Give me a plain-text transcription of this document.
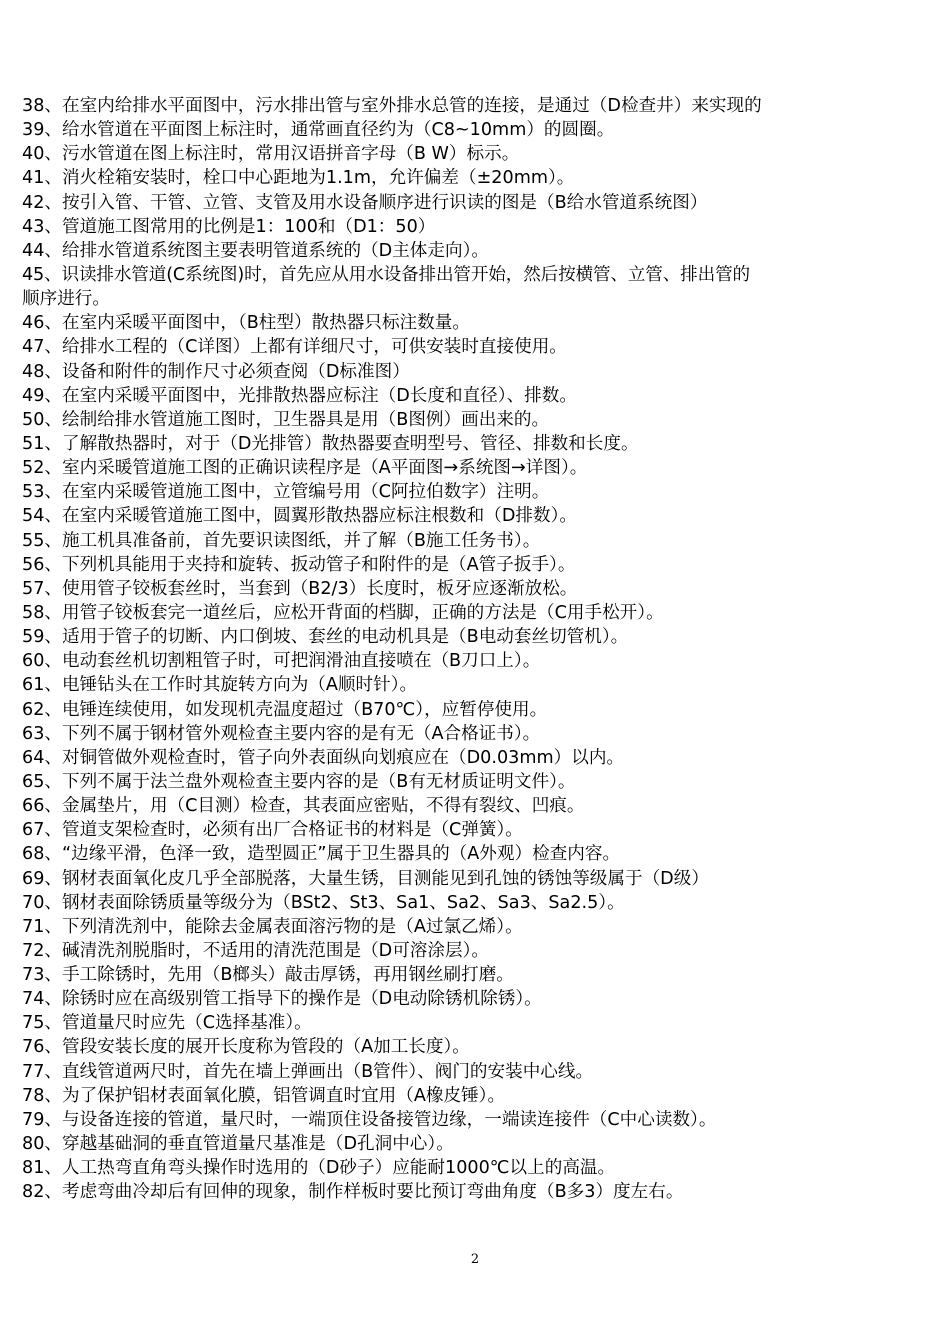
38、在室内给排水平面图中，污水排出管与室外排水总管的连接，是通过（D检查井）来实现的
39、给水管道在平面图上标注时，通常画直径约为（C8~10mm）的圆圈。
40、污水管道在图上标注时，常用汉语拼音字母（B W）标示。
41、消火栓箱安装时，栓口中心距地为1.1m，允许偏差（±20mm）。
42、按引入管、干管、立管、支管及用水设备顺序进行识读的图是（B给水管道系统图）
43、管道施工图常用的比例是1：100和（D1：50）
44、给排水管道系统图主要表明管道系统的（D主体走向）。
45、识读排水管道(C系统图)时，首先应从用水设备排出管开始，然后按横管、立管、排出管的
顺序进行。
46、在室内采暖平面图中，（B柱型）散热器只标注数量。
47、给排水工程的（C详图）上都有详细尺寸，可供安装时直接使用。
48、设备和附件的制作尺寸必须查阅（D标准图）
49、在室内采暖平面图中，光排散热器应标注（D长度和直径）、排数。
50、绘制给排水管道施工图时，卫生器具是用（B图例）画出来的。
51、了解散热器时，对于（D光排管）散热器要查明型号、管径、排数和长度。
52、室内采暖管道施工图的正确识读程序是（A平面图→系统图→详图）。
53、在室内采暖管道施工图中，立管编号用（C阿拉伯数字）注明。
54、在室内采暖管道施工图中，圆翼形散热器应标注根数和（D排数）。
55、施工机具准备前，首先要识读图纸，并了解（B施工任务书）。
56、下列机具能用于夹持和旋转、扳动管子和附件的是（A管子扳手）。
57、使用管子铰板套丝时，当套到（B2/3）长度时，板牙应逐渐放松。
58、用管子铰板套完一道丝后，应松开背面的档脚，正确的方法是（C用手松开）。
59、适用于管子的切断、内口倒坡、套丝的电动机具是（B电动套丝切管机）。
60、电动套丝机切割粗管子时，可把润滑油直接喷在（B刀口上）。
61、电锤钻头在工作时其旋转方向为（A顺时针）。
62、电锤连续使用，如发现机壳温度超过（B70℃），应暂停使用。
63、下列不属于钢材管外观检查主要内容的是有无（A合格证书）。
64、对铜管做外观检查时，管子向外表面纵向划痕应在（D0.03mm）以内。
65、下列不属于法兰盘外观检查主要内容的是（B有无材质证明文件）。
66、金属垫片，用（C目测）检查，其表面应密贴，不得有裂纹、凹痕。
67、管道支架检查时，必须有出厂合格证书的材料是（C弹簧）。
68、“边缘平滑，色泽一致，造型圆正”属于卫生器具的（A外观）检查内容。
69、钢材表面氧化皮几乎全部脱落，大量生锈，目测能见到孔蚀的锈蚀等级属于（D级）
70、钢材表面除锈质量等级分为（BSt2、St3、Sa1、Sa2、Sa3、Sa2.5）。
71、下列清洗剂中，能除去金属表面溶污物的是（A过氯乙烯）。
72、碱清洗剂脱脂时，不适用的清洗范围是（D可溶涂层）。
73、手工除锈时，先用（B榔头）敲击厚锈，再用钢丝刷打磨。
74、除锈时应在高级别管工指导下的操作是（D电动除锈机除锈）。
75、管道量尺时应先（C选择基准）。
76、管段安装长度的展开长度称为管段的（A加工长度）。
77、直线管道两尺时，首先在墙上弹画出（B管件）、阀门的安装中心线。
78、为了保护铝材表面氧化膜，铝管调直时宜用（A橡皮锤）。
79、与设备连接的管道，量尺时，一端顶住设备接管边缘，一端读连接件（C中心读数）。
80、穿越基础洞的垂直管道量尺基准是（D孔洞中心）。
81、人工热弯直角弯头操作时选用的（D砂子）应能耐1000℃以上的高温。
82、考虑弯曲冷却后有回伸的现象，制作样板时要比预订弯曲角度（B多3）度左右。
2
